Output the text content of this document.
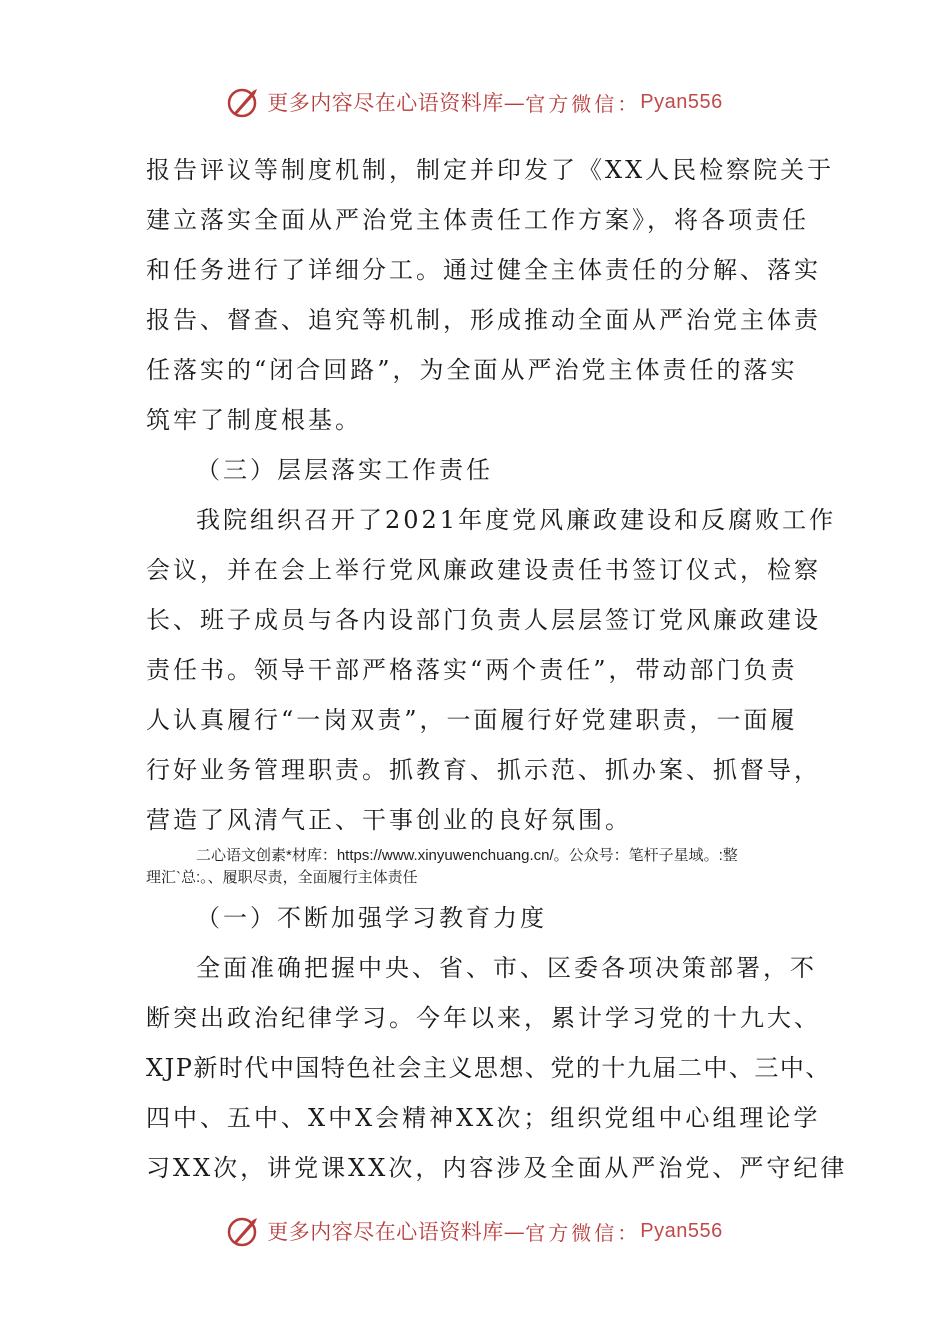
更多内容尽在心语资料库— 官方微信： Pyan556
报告评议等制度机制，制定并印发了《XX人民检察院关于
建立落实全面从严治党主体责任工作方案》，将各项责任
和任务进行了详细分工。通过健全主体责任的分解、落实
报告、督查、追究等机制，形成推动全面从严治党主体责
任落实的“闭合回路”，为全面从严治党主体责任的落实
筑牢了制度根基。
（三）层层落实工作责任
我院组织召开了2021年度党风廉政建设和反腐败工作
会议，并在会上举行党风廉政建设责任书签订仪式，检察
长、班子成员与各内设部门负责人层层签订党风廉政建设
责任书。领导干部严格落实“两个责任”，带动部门负责
人认真履行“一岗双责”，一面履行好党建职责，一面履
行好业务管理职责。抓教育、抓示范、抓办案、抓督导，
营造了风清气正、干事创业的良好氛围。
二心语文创素*材库：https://www.xinyuwenchuang.cn/。公众号：笔杆子星域。:整
理汇`总:。、履职尽责，全面履行主体责任
（一）不断加强学习教育力度
全面准确把握中央、省、市、区委各项决策部署，不
断突出政治纪律学习。今年以来，累计学习党的十九大、
XJP新时代中国特色社会主义思想、党的十九届二中、三中、
四中、五中、X中X会精神XX次；组织党组中心组理论学
习XX次，讲党课XX次，内容涉及全面从严治党、严守纪律
更多内容尽在心语资料库— 官方微信： Pyan556
